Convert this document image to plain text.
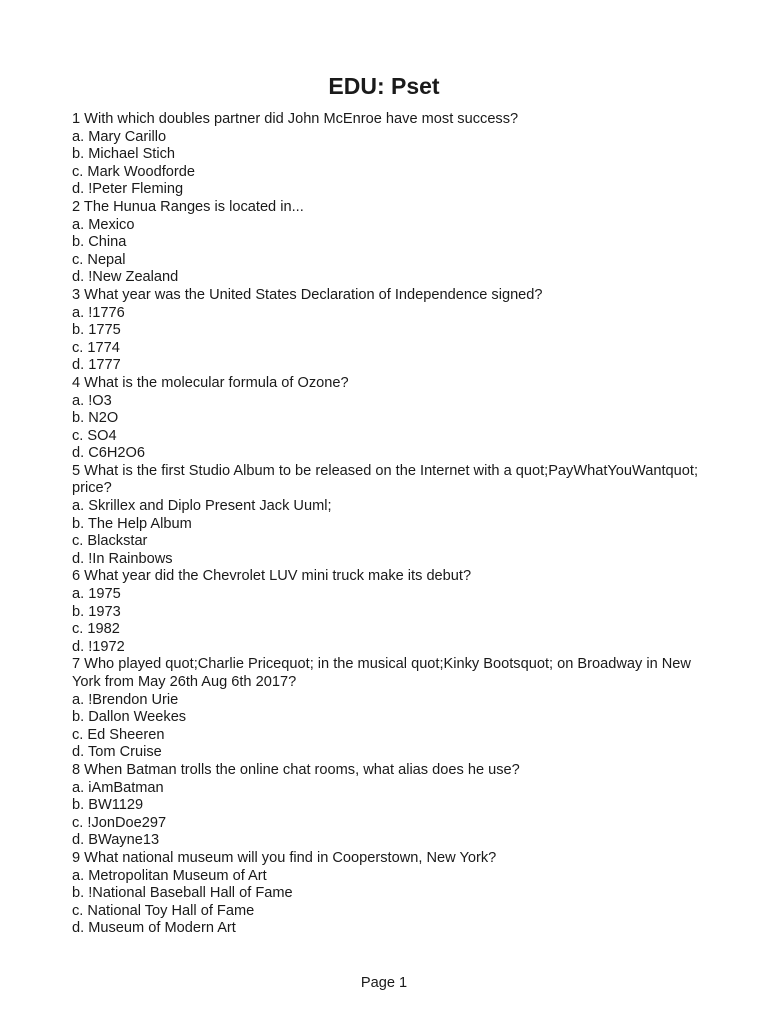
EDU: Pset

1 With which doubles partner did John McEnroe have most success?

a. Mary Carillo

b. Michael Stich

c. Mark Woodforde

d. !Peter Fleming

2 The Hunua Ranges is located in...

a. Mexico

b. China

c. Nepal

d. !New Zealand

3 What year was the United States Declaration of Independence signed?

a. !1776

b. 1775

c. 1774

d. 1777

4 What is the molecular formula of Ozone?

a. !O3

b. N2O

c. SO4

d. C6H2O6

5 What is the first Studio Album to be released on the Internet with a quot;PayWhatYouWantquot; price?

a. Skrillex and Diplo Present Jack Uuml;

b. The Help Album

c. Blackstar

d. !In Rainbows

6 What year did the Chevrolet LUV mini truck make its debut?

a. 1975

b. 1973

c. 1982

d. !1972

7 Who played quot;Charlie Pricequot; in the musical quot;Kinky Bootsquot; on Broadway in New York from May 26th Aug 6th 2017?

a. !Brendon Urie

b. Dallon Weekes

c. Ed Sheeren

d. Tom Cruise

8 When Batman trolls the online chat rooms, what alias does he use?

a. iAmBatman

b. BW1129

c. !JonDoe297

d. BWayne13

9 What national museum will you find in Cooperstown, New York?

a. Metropolitan Museum of Art

b. !National Baseball Hall of Fame

c. National Toy Hall of Fame

d. Museum of Modern Art

Page 1
